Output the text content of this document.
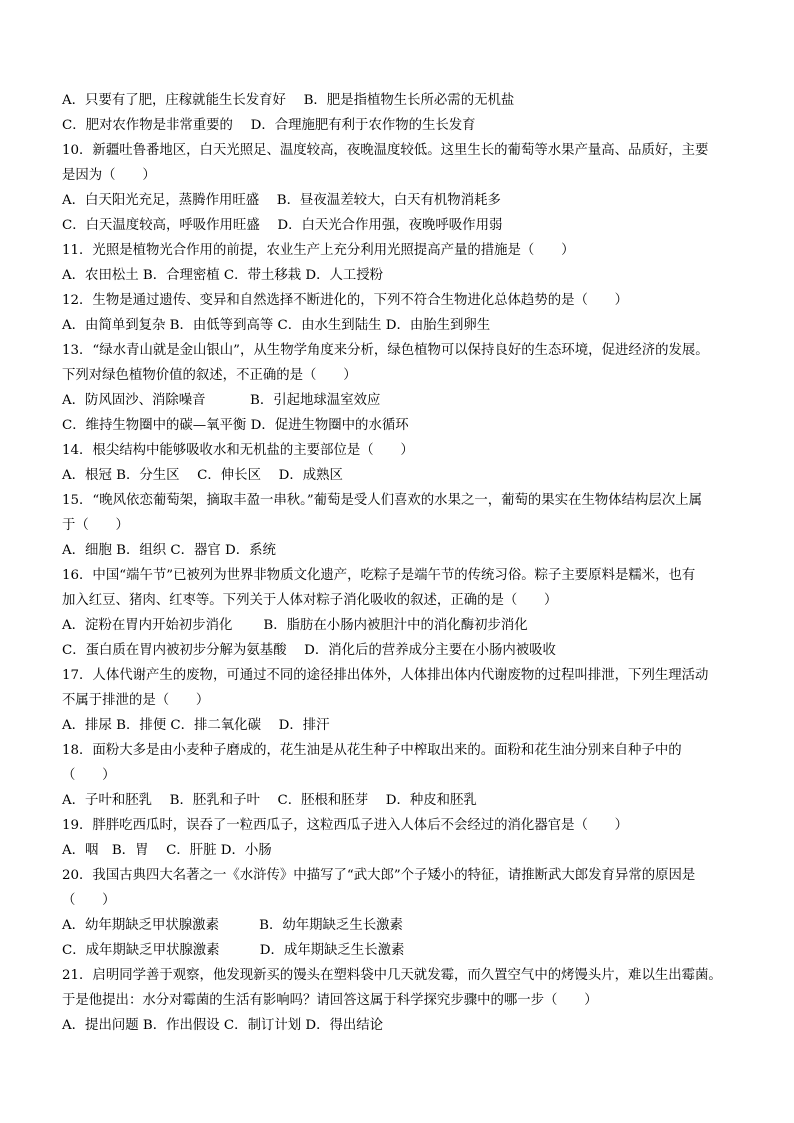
A．只要有了肥，庄稼就能生长发育好　 B．肥是指植物生长所必需的无机盐
C．肥对农作物是非常重要的　 D．合理施肥有利于农作物的生长发育
10．新疆吐鲁番地区，白天光照足、温度较高，夜晚温度较低。这里生长的葡萄等水果产量高、品质好，主要
是因为（　　）
A．白天阳光充足，蒸腾作用旺盛　 B．昼夜温差较大，白天有机物消耗多
C．白天温度较高，呼吸作用旺盛　 D．白天光合作用强，夜晚呼吸作用弱
11．光照是植物光合作用的前提，农业生产上充分利用光照提高产量的措施是（　　）
A．农田松土 B．合理密植 C．带土移栽 D．人工授粉
12．生物是通过遗传、变异和自然选择不断进化的，下列不符合生物进化总体趋势的是（　　）
A．由简单到复杂 B．由低等到高等 C．由水生到陆生 D．由胎生到卵生
13．“绿水青山就是金山银山”，从生物学角度来分析，绿色植物可以保持良好的生态环境，促进经济的发展。
下列对绿色植物价值的叙述，不正确的是（　　）
A．防风固沙、消除噪音　　　 B．引起地球温室效应
C．维持生物圈中的碳—氧平衡 D．促进生物圈中的水循环
14．根尖结构中能够吸收水和无机盐的主要部位是（　　）
A．根冠 B．分生区　 C．伸长区　 D．成熟区
15．“晚风依恋葡萄架，摘取丰盈一串秋。”葡萄是受人们喜欢的水果之一，葡萄的果实在生物体结构层次上属
于（　　）
A．细胞 B．组织 C．器官 D．系统
16．中国“端午节”已被列为世界非物质文化遗产，吃粽子是端午节的传统习俗。粽子主要原料是糯米，也有
加入红豆、猪肉、红枣等。下列关于人体对粽子消化吸收的叙述，正确的是（　　）
A．淀粉在胃内开始初步消化　　 B．脂肪在小肠内被胆汁中的消化酶初步消化
C．蛋白质在胃内被初步分解为氨基酸　 D．消化后的营养成分主要在小肠内被吸收
17．人体代谢产生的废物，可通过不同的途径排出体外，人体排出体内代谢废物的过程叫排泄，下列生理活动
不属于排泄的是（　　）
A．排尿 B．排便 C．排二氧化碳　 D．排汗
18．面粉大多是由小麦种子磨成的，花生油是从花生种子中榨取出来的。面粉和花生油分别来自种子中的
（　　）
A．子叶和胚乳　 B．胚乳和子叶　 C．胚根和胚芽　 D．种皮和胚乳
19．胖胖吃西瓜时，误吞了一粒西瓜子，这粒西瓜子进入人体后不会经过的消化器官是（　　）
A．咽　B．胃　 C．肝脏 D．小肠
20．我国古典四大名著之一《水浒传》中描写了“武大郎”个子矮小的特征，请推断武大郎发育异常的原因是
（　　）
A．幼年期缺乏甲状腺激素　　　B．幼年期缺乏生长激素
C．成年期缺乏甲状腺激素　　　D．成年期缺乏生长激素
21．启明同学善于观察，他发现新买的馒头在塑料袋中几天就发霉，而久置空气中的烤馒头片，难以生出霉菌。
于是他提出：水分对霉菌的生活有影响吗？请回答这属于科学探究步骤中的哪一步（　　）
A．提出问题 B．作出假设 C．制订计划 D．得出结论
